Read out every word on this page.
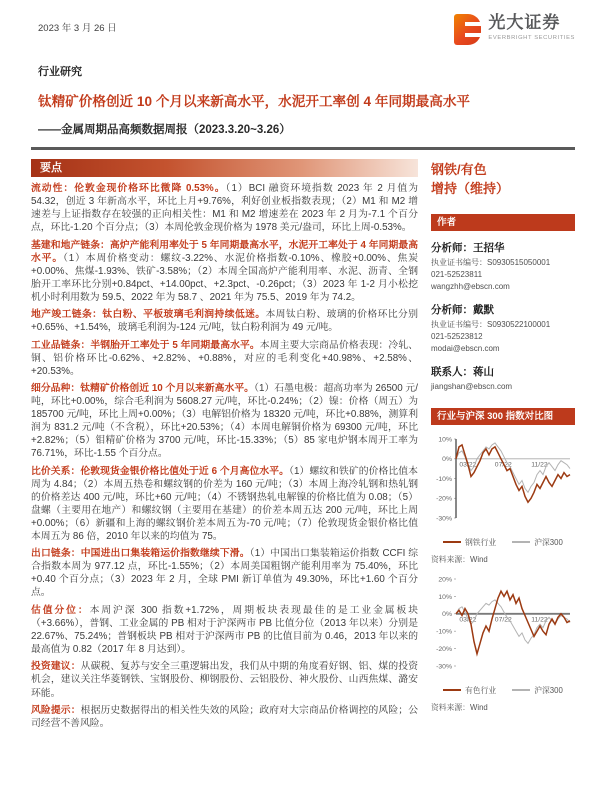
2023 年 3 月 26 日	光大证券
EVERBRIGHT SECURITIES
行业研究
钛精矿价格创近 10 个月以来新高水平，水泥开工率创 4 年同期最高水平
——金属周期品高频数据周报（2023.3.20~3.26）
要点

流动性：伦敦金现价格环比微降 0.53%。（1）BCI 融资环境指数 2023 年 2 月值为 54.32，创近 3 年新高水平，环比上月+9.76%，利好创业板指数表现；（2）M1 和 M2 增速差与上证指数存在较强的正向相关性：M1 和 M2 增速差在 2023 年 2 月为-7.1 个百分点，环比-1.20 个百分点；（3）本周伦敦金现价格为 1978 美元/盎司，环比上周-0.53%。

基建和地产链条：高炉产能利用率处于 5 年同期最高水平，水泥开工率处于 4 年同期最高水平。（1）本周价格变动：螺纹-3.22%、水泥价格指数-0.10%、橡胶+0.00%、焦炭+0.00%、焦煤-1.93%、铁矿-3.58%；（2）本周全国高炉产能利用率、水泥、沥青、全钢胎开工率环比分别+0.84pct、+14.00pct、+2.3pct、-0.26pct；（3）2023 年 1-2 月小松挖机小时利用数为 59.5、2022 年为 58.7 、2021 年为 75.5、2019 年为 74.2。

地产竣工链条：钛白粉、平板玻璃毛利润持续低迷。本周钛白粉、玻璃的价格环比分别+0.65%、+1.54%，玻璃毛利润为-124 元/吨，钛白粉利润为 49 元/吨。

工业品链条：半钢胎开工率处于 5 年同期最高水平。本周主要大宗商品价格表现：冷轧、铜、铝价格环比-0.62%、+2.82%、+0.88%，对应的毛利变化+40.98%、+2.58%、+20.53%。

细分品种：钛精矿价格创近 10 个月以来新高水平。（1）石墨电极：超高功率为 26500 元/吨，环比+0.00%，综合毛利润为 5608.27 元/吨，环比-0.24%；（2）镍：价格（周五）为 185700 元/吨，环比上周+0.00%；（3）电解铝价格为 18320 元/吨，环比+0.88%，测算利润为 831.2 元/吨（不含税），环比+20.53%；（4）本周电解铜价格为 69300 元/吨，环比+2.82%；（5）钼精矿价格为 3700 元/吨，环比-15.33%；（5）85 家电炉钢本周开工率为 76.71%，环比-1.55 个百分点。

比价关系：伦敦现货金银价格比值处于近 6 个月高位水平。（1）螺纹和铁矿的价格比值本周为 4.84；（2）本周五热卷和螺纹钢的价差为 160 元/吨；（3）本周上海冷轧钢和热轧钢的价格差达 400 元/吨，环比+60 元/吨；（4）不锈钢热轧电解镍的价格比值为 0.08；（5）盘螺（主要用在地产）和螺纹钢（主要用在基建）的价差本周五达 200 元/吨，环比上周+0.00%；（6）新疆和上海的螺纹钢价差本周五为-70 元/吨；（7）伦敦现货金银价格比值本周五为 86 倍，2010 年以来的均值为 75。

出口链条：中国进出口集装箱运价指数继续下滑。（1）中国出口集装箱运价指数 CCFI 综合指数本周为 977.12 点，环比-1.55%；（2）本周美国粗钢产能利用率为 75.40%，环比+0.40 个百分点；（3）2023 年 2 月，全球 PMI 新订单值为 49.30%，环比+1.60 个百分点。

估值分位：本周沪深 300 指数+1.72%，周期板块表现最佳的是工业金属板块（+3.66%），普钢、工业金属的 PB 相对于沪深两市 PB 比值分位（2013 年以来）分别是 22.67%、75.24%；普钢板块 PB 相对于沪深两市 PB 的比值目前为 0.46，2013 年以来的最高值为 0.82（2017 年 8 月达到）。

投资建议：从碳税、复苏与安全三重逻辑出发，我们从中期的角度看好钢、铝、煤的投资机会，建议关注华菱钢铁、宝钢股份、柳钢股份、云铝股份、神火股份、山西焦煤、潞安环能。

风险提示：根据历史数据得出的相关性失效的风险；政府对大宗商品价格调控的风险；公司经营不善风险。

钢铁/有色
增持（维持）
作者
分析师：王招华
执业证书编号：S0930515050001
021-52523811
wangzhh@ebscn.com
分析师：戴默
执业证书编号：S0930522100001
021-52523812
modai@ebscn.com
联系人：蒋山
jiangshan@ebscn.com
行业与沪深 300 指数对比图
10%
0%
-10%
-20%
-30%
03/22	07/22	11/22
钢铁行业	沪深300
资料来源：Wind
20%
10%
0%
-10%
-20%
-30%
03/22	07/22	11/22
有色行业	沪深300
资料来源：Wind
